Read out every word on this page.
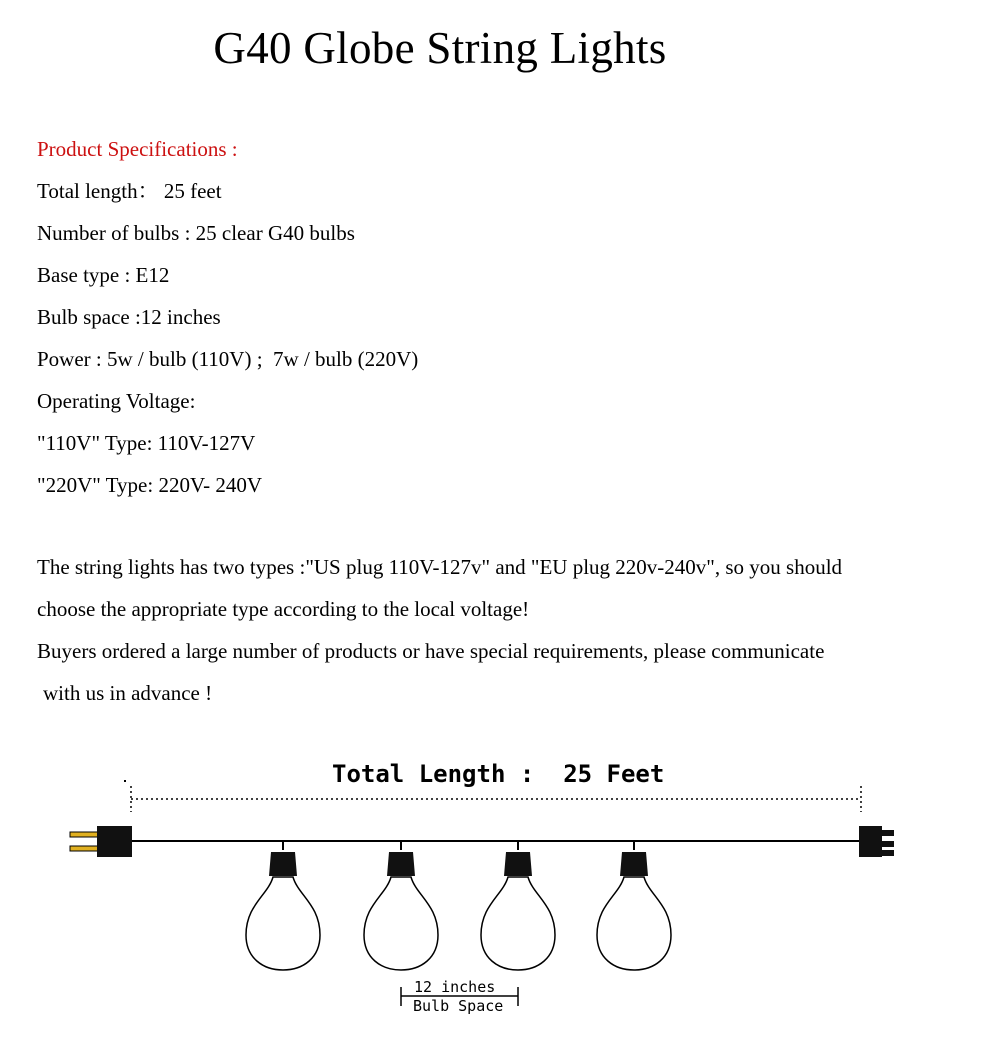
G40 Globe String Lights
Product Specifications :
Total length： 25 feet
Number of bulbs : 25 clear G40 bulbs
Base type : E12
Bulb space :12 inches
Power : 5w / bulb (110V) ;  7w / bulb (220V)
Operating Voltage:
"110V" Type: 110V-127V
"220V" Type: 220V- 240V
The string lights has two types :"US plug 110V-127v" and "EU plug 220v-240v", so you should
choose the appropriate type according to the local voltage!
Buyers ordered a large number of products or have special requirements, please communicate
with us in advance !
Total Length :  25 Feet
12 inches
Bulb Space
